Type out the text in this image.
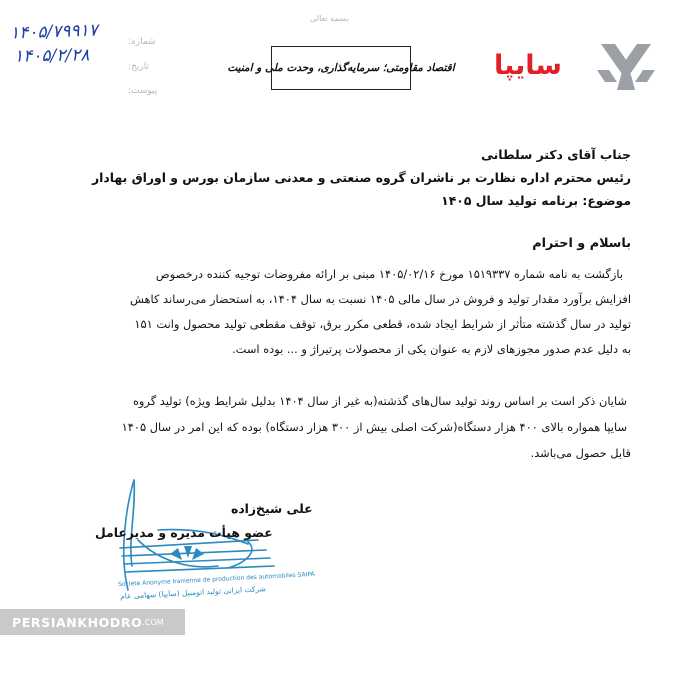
۱۴۰۵/۷۹۹۱۷
۱۴۰۵/۲/۲۸
شماره:
تاریخ:
پیوست:
بسمه تعالی
اقتصاد مقاومتی؛ سرمایه‌گذاری، وحدت ملی و امنیت سایپا
جناب آقای دکتر سلطانی
رئیس محترم اداره نظارت بر ناشران گروه صنعتی و معدنی سازمان بورس و اوراق بهادار
موضوع: برنامه تولید سال ۱۴۰۵
باسلام و احترام
بازگشت به نامه شماره ۱۵۱۹۳۳۷ مورخ ۱۴۰۵/۰۲/۱۶ مبنی بر ارائه مفروضات توجیه کننده درخصوص
افزایش برآورد مقدار تولید و فروش در سال مالی ۱۴۰۵ نسبت به سال ۱۴۰۴، به استحضار می‌رساند کاهش
تولید در سال گذشته متأثر از شرایط ایجاد شده، قطعی مکرر برق، توقف مقطعی تولید محصول وانت ۱۵۱
به دلیل عدم صدور مجوزهای لازم به عنوان یکی از محصولات پرتیراژ و ... بوده است.
شایان ذکر است بر اساس روند تولید سال‌های گذشته(به غیر از سال ۱۴۰۴ بدلیل شرایط ویژه) تولید گروه
سایپا همواره بالای ۴۰۰ هزار دستگاه(شرکت اصلی بیش از ۳۰۰ هزار دستگاه) بوده که این امر در سال ۱۴۰۵
قابل حصول می‌باشد.
علی شیخ‌زاده
عضو هیأت مدیره و مدیرعامل
Societe Anonyme Iranienne de production des automobiles SAIPA
شرکت ایرانی تولید اتومبیل (سایپا) سهامی عام
PERSIANKHODRO .COM
